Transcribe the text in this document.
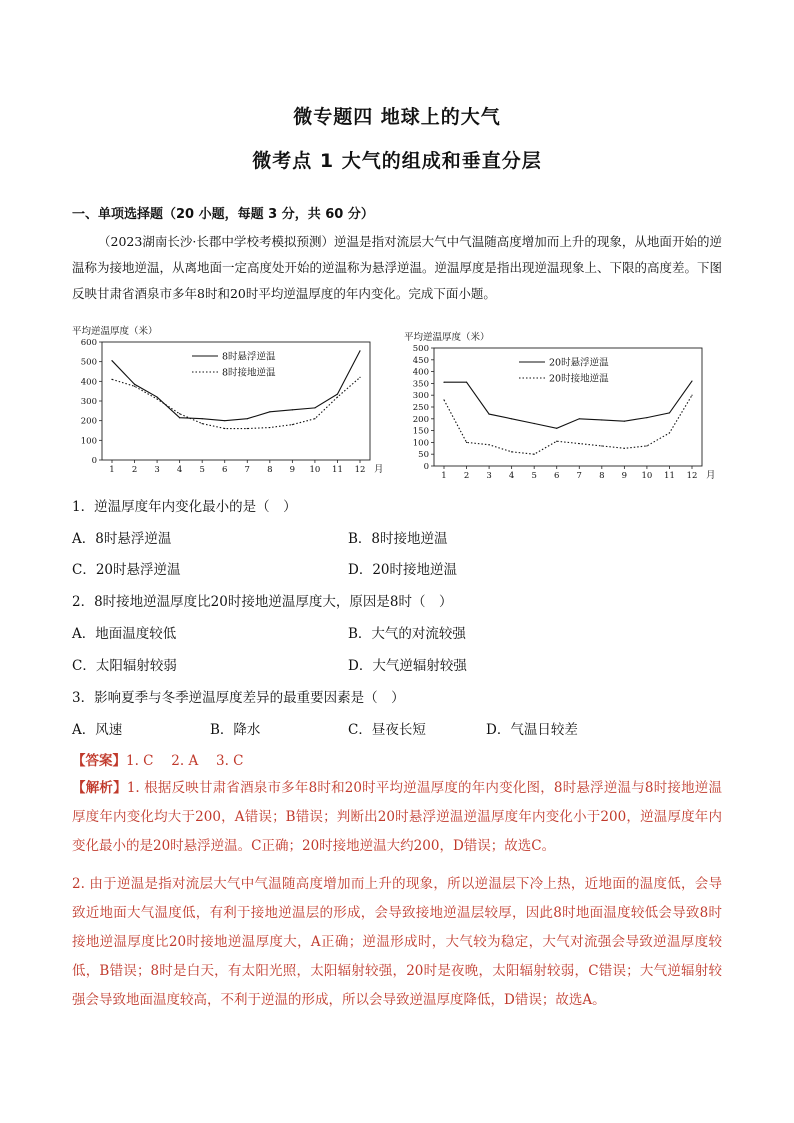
微专题四 地球上的大气
微考点 1 大气的组成和垂直分层
一、单项选择题（20 小题，每题 3 分，共 60 分）
（2023湖南长沙·长郡中学校考模拟预测）逆温是指对流层大气中气温随高度增加而上升的现象，从地面开始的逆温称为接地逆温，从离地面一定高度处开始的逆温称为悬浮逆温。逆温厚度是指出现逆温现象上、下限的高度差。下图反映甘肃省酒泉市多年8时和20时平均逆温厚度的年内变化。完成下面小题。
平均逆温厚度（米）
0
100
200
300
400
500
600
1 2 3 4 5 6 7 8 9 10 11 12 月
8时悬浮逆温
8时接地逆温
平均逆温厚度（米）
0
50
100
150
200
250
300
350
400
450
500
1 2 3 4 5 6 7 8 9 10 11 12 月
20时悬浮逆温
20时接地逆温
1．逆温厚度年内变化最小的是（　）
A．8时悬浮逆温	B．8时接地逆温
C．20时悬浮逆温	D．20时接地逆温
2．8时接地逆温厚度比20时接地逆温厚度大，原因是8时（　）
A．地面温度较低	B．大气的对流较强
C．太阳辐射较弱	D．大气逆辐射较强
3．影响夏季与冬季逆温厚度差异的最重要因素是（　）
A．风速	B．降水	C．昼夜长短	D．气温日较差
【答案】1. C　 2. A　 3. C
【解析】1. 根据反映甘肃省酒泉市多年8时和20时平均逆温厚度的年内变化图，8时悬浮逆温与8时接地逆温厚度年内变化均大于200，A错误；B错误；判断出20时悬浮逆温逆温厚度年内变化小于200，逆温厚度年内变化最小的是20时悬浮逆温。C正确；20时接地逆温大约200，D错误；故选C。
2. 由于逆温是指对流层大气中气温随高度增加而上升的现象，所以逆温层下冷上热，近地面的温度低，会导致近地面大气温度低，有利于接地逆温层的形成，会导致接地逆温层较厚，因此8时地面温度较低会导致8时接地逆温厚度比20时接地逆温厚度大，A正确；逆温形成时，大气较为稳定，大气对流强会导致逆温厚度较低，B错误；8时是白天，有太阳光照，太阳辐射较强，20时是夜晚，太阳辐射较弱，C错误；大气逆辐射较强会导致地面温度较高，不利于逆温的形成，所以会导致逆温厚度降低，D错误；故选A。
